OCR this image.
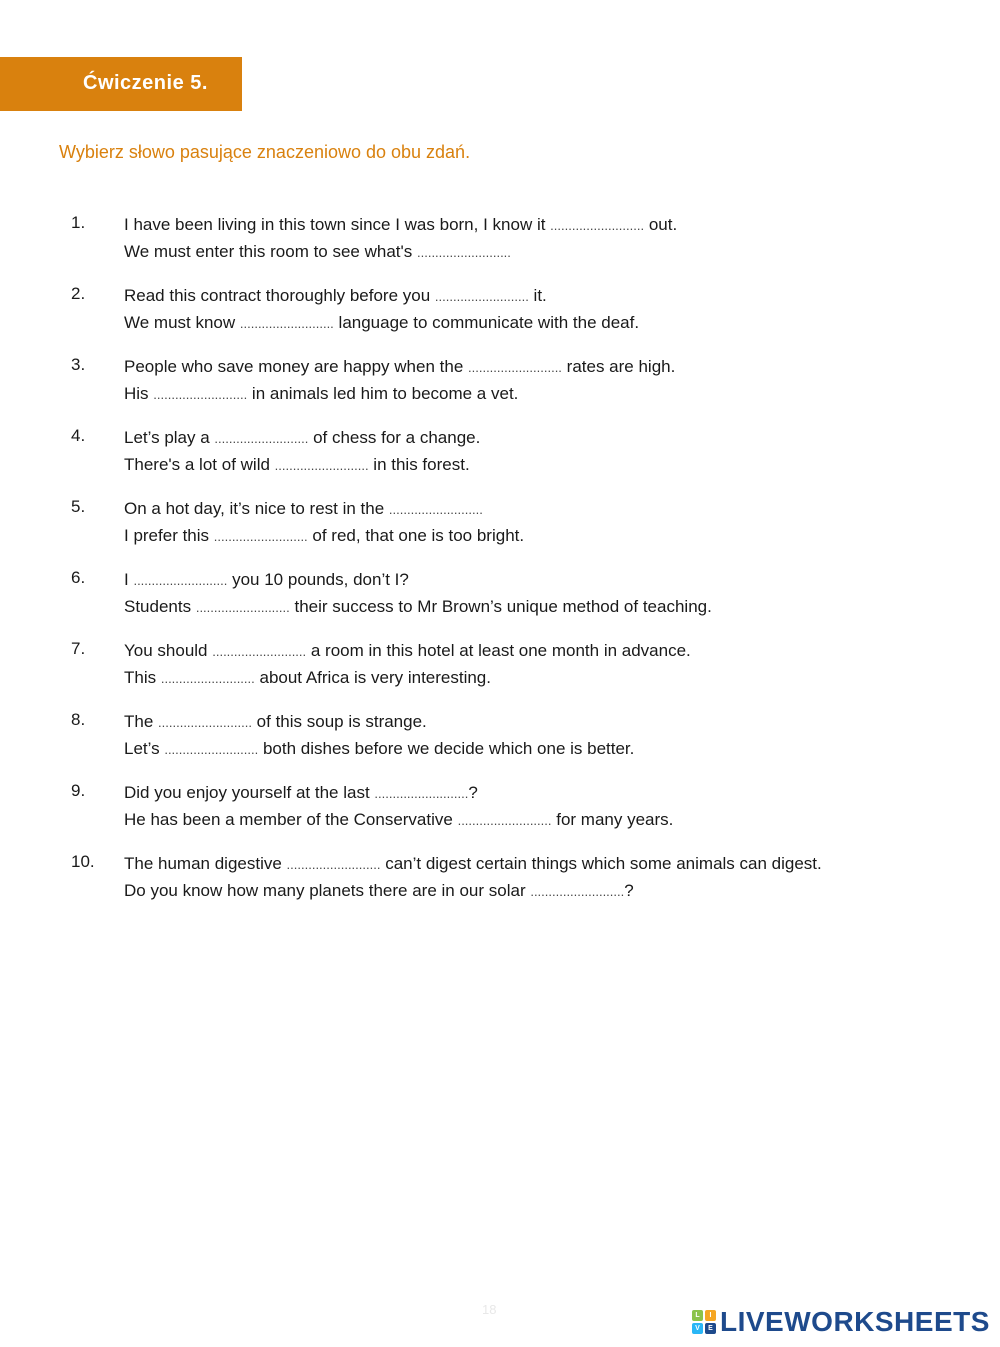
Ćwiczenie 5.
Wybierz słowo pasujące znaczeniowo do obu zdań.
1. I have been living in this town since I was born, I know it .......................... out.
We must enter this room to see what's ..........................
2. Read this contract thoroughly before you .......................... it.
We must know .......................... language to communicate with the deaf.
3. People who save money are happy when the .......................... rates are high.
His .......................... in animals led him to become a vet.
4. Let’s play a .......................... of chess for a change.
There's a lot of wild .......................... in this forest.
5. On a hot day, it’s nice to rest in the ..........................
I prefer this .......................... of red, that one is too bright.
6. I .......................... you 10 pounds, don’t I?
Students .......................... their success to Mr Brown’s unique method of teaching.
7. You should .......................... a room in this hotel at least one month in advance.
This .......................... about Africa is very interesting.
8. The .......................... of this soup is strange.
Let’s .......................... both dishes before we decide which one is better.
9. Did you enjoy yourself at the last ..........................?
He has been a member of the Conservative .......................... for many years.
10. The human digestive .......................... can’t digest certain things which some animals can digest.
Do you know how many planets there are in our solar ..........................?
18	L	I
V	E LIVEWORKSHEETS
